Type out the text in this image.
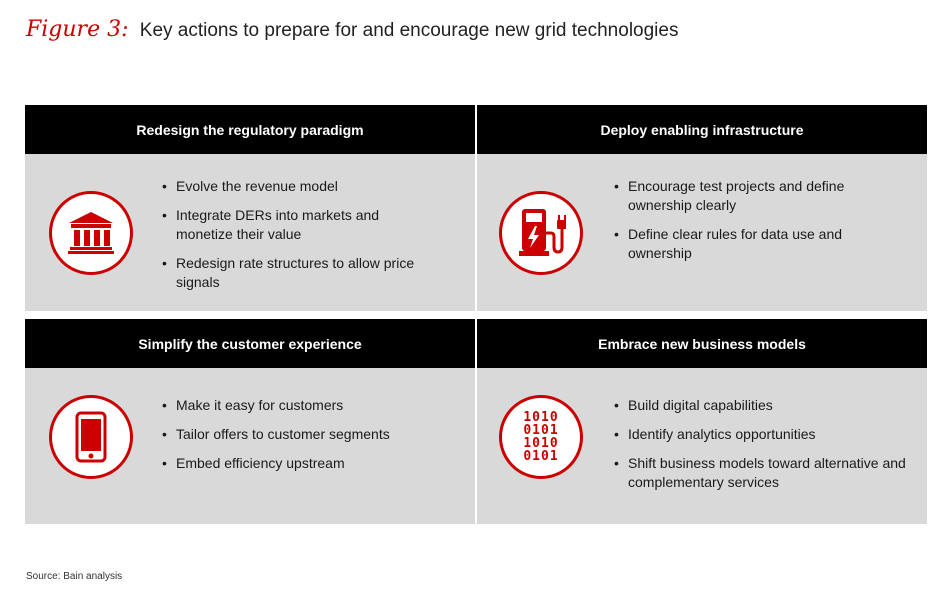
Figure 3: Key actions to prepare for and encourage new grid technologies
Redesign the regulatory paradigm
• Evolve the revenue model
• Integrate DERs into markets and monetize their value
• Redesign rate structures to allow price signals
Deploy enabling infrastructure
• Encourage test projects and define ownership clearly
• Define clear rules for data use and ownership
Simplify the customer experience
• Make it easy for customers
• Tailor offers to customer segments
• Embed efficiency upstream
Embrace new business models
1010
0101
1010
0101
• Build digital capabilities
• Identify analytics opportunities
• Shift business models toward alternative and complementary services
Source: Bain analysis
